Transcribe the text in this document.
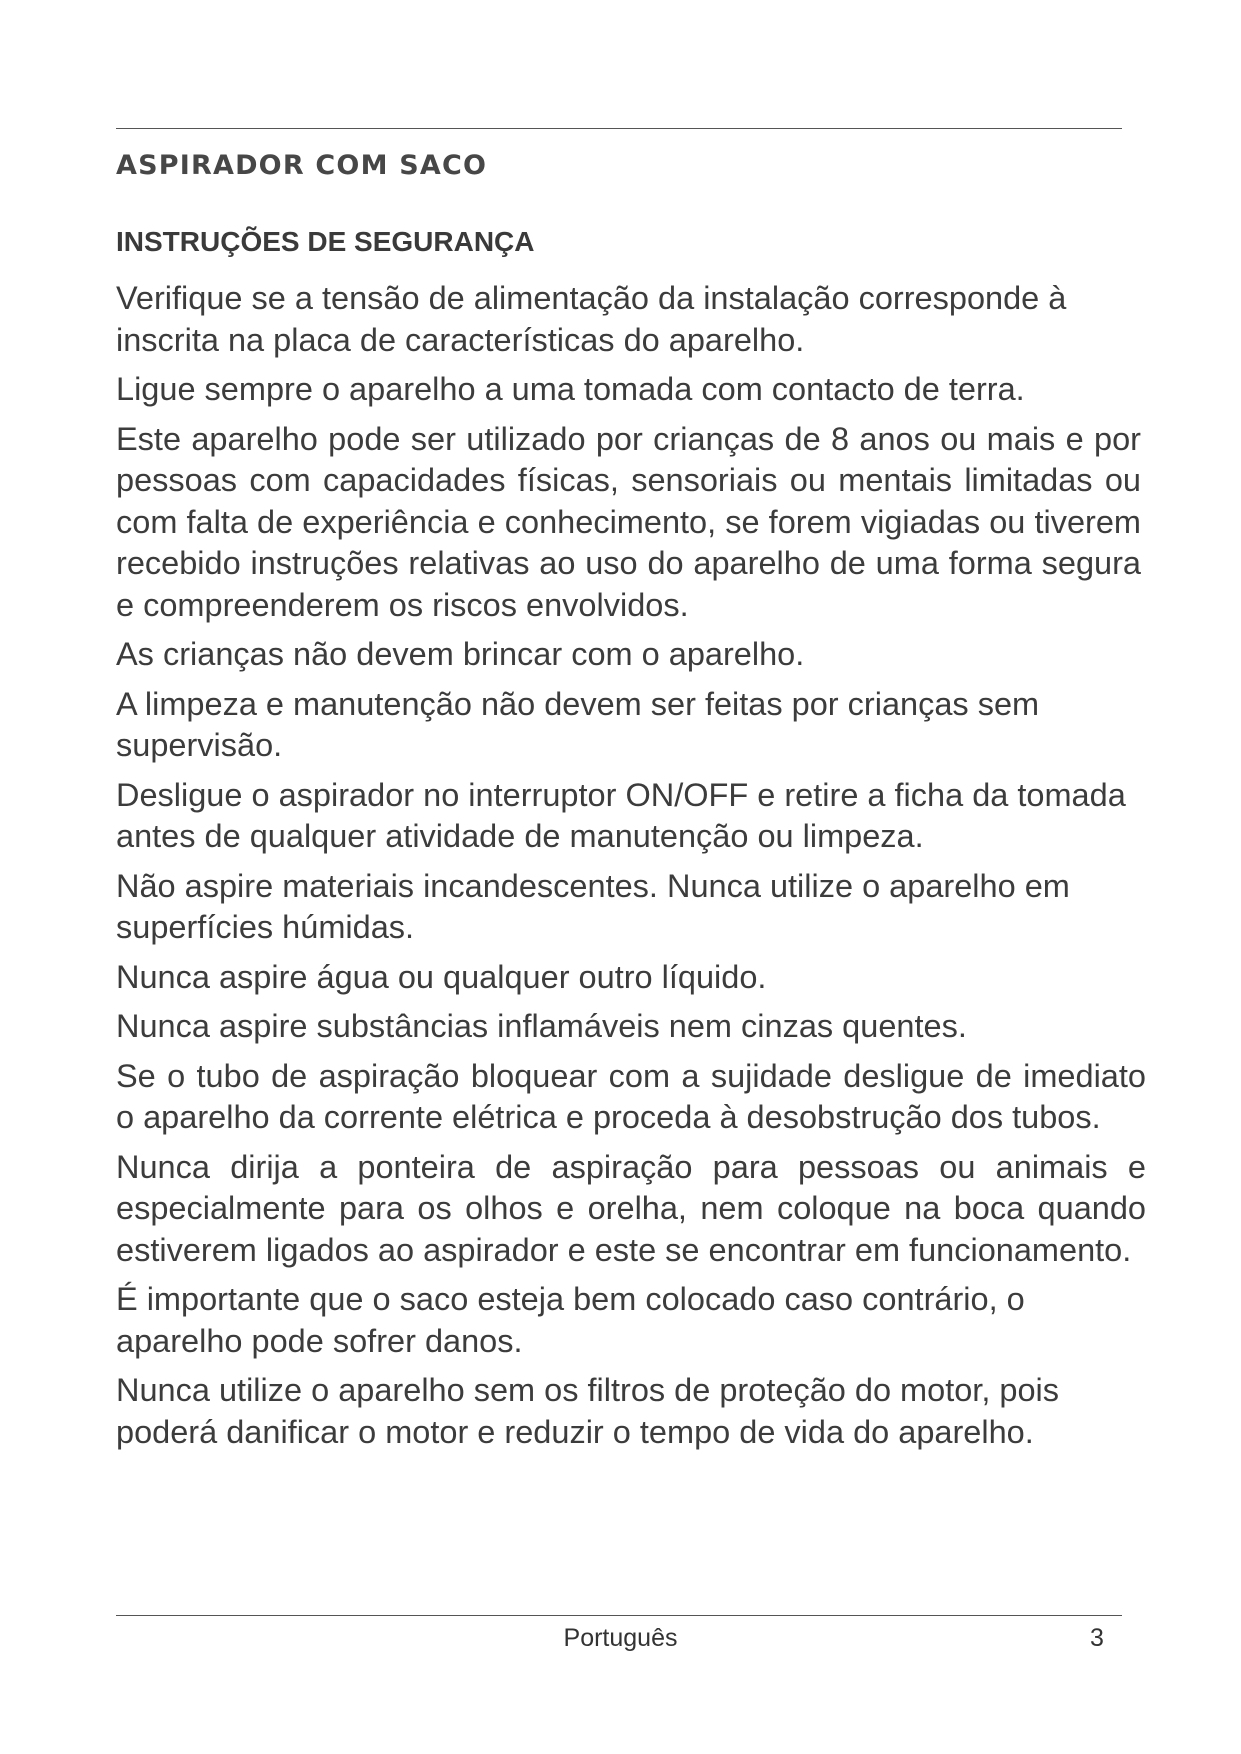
ASPIRADOR COM SACO
INSTRUÇÕES DE SEGURANÇA

Verifique se a tensão de alimentação da instalação corresponde à inscrita na placa de características do aparelho.

Ligue sempre o aparelho a uma tomada com contacto de terra.

Este aparelho pode ser utilizado por crianças de 8 anos ou mais e por pessoas com capacidades físicas, sensoriais ou mentais limitadas ou com falta de experiência e conhecimento, se forem vigiadas ou tiverem recebido instruções relativas ao uso do aparelho de uma forma segura e compreenderem os riscos envolvidos.

As crianças não devem brincar com o aparelho.

A limpeza e manutenção não devem ser feitas por crianças sem supervisão.

Desligue o aspirador no interruptor ON/OFF e retire a ficha da tomada antes de qualquer atividade de manutenção ou limpeza.

Não aspire materiais incandescentes. Nunca utilize o aparelho em superfícies húmidas.

Nunca aspire água ou qualquer outro líquido.

Nunca aspire substâncias inflamáveis nem cinzas quentes.

Se o tubo de aspiração bloquear com a sujidade desligue de imediato o aparelho da corrente elétrica e proceda à desobstrução dos tubos.

Nunca dirija a ponteira de aspiração para pessoas ou animais e especialmente para os olhos e orelha, nem coloque na boca quando estiverem ligados ao aspirador e este se encontrar em funcionamento.

É importante que o saco esteja bem colocado caso contrário, o aparelho pode sofrer danos.

Nunca utilize o aparelho sem os filtros de proteção do motor, pois poderá danificar o motor e reduzir o tempo de vida do aparelho.

Português	3
